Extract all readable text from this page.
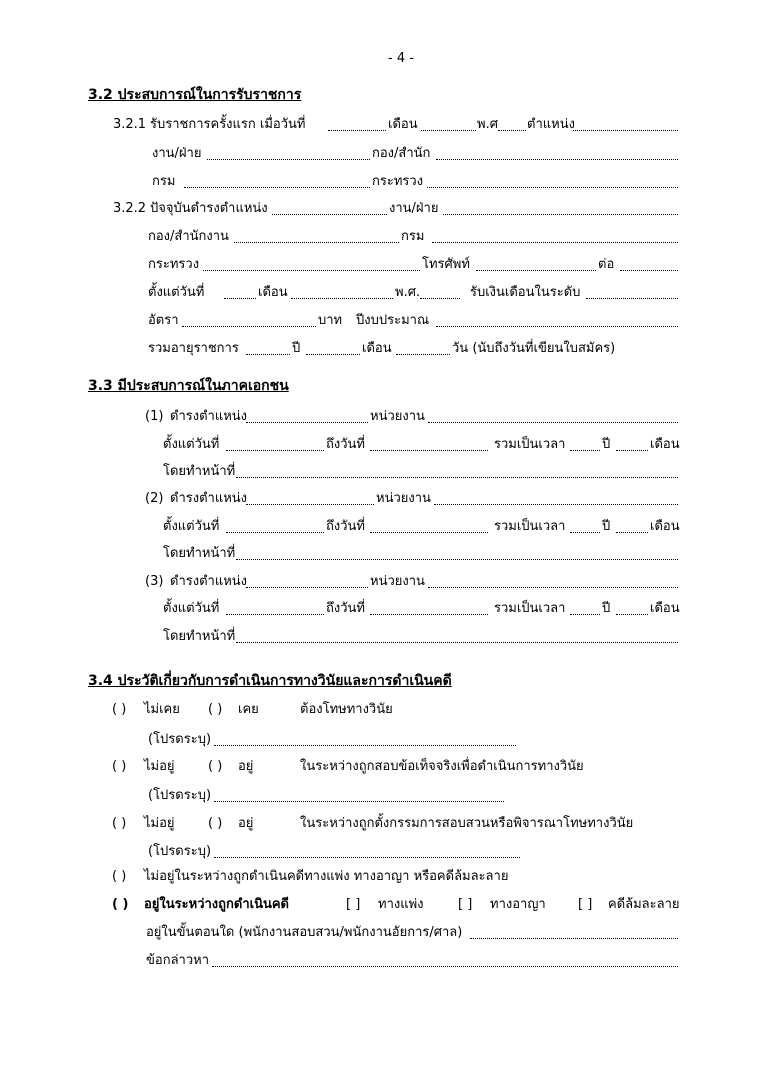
- 4 -
3.2 ประสบการณ์ในการรับราชการ
3.2.1 รับราชการครั้งแรก เมื่อวันที่	เดือน	พ.ศ ตำแหน่ง
งาน/ฝ่าย	กอง/สำนัก
กรม	กระทรวง
3.2.2 ปัจจุบันดำรงตำแหน่ง	งาน/ฝ่าย
กอง/สำนักงาน	กรม
กระทรวง	โทรศัพท์	ต่อ
ตั้งแต่วันที่	เดือน	พ.ศ.	รับเงินเดือนในระดับ
อัตรา	บาท ปีงบประมาณ
รวมอายุราชการ	ปี	เดือน	วัน (นับถึงวันที่เขียนใบสมัคร)
3.3 มีประสบการณ์ในภาคเอกชน
(1) ดำรงตำแหน่ง	หน่วยงาน
ตั้งแต่วันที่	ถึงวันที่	รวมเป็นเวลา	ปี	เดือน
โดยทำหน้าที่
(2) ดำรงตำแหน่ง	หน่วยงาน
ตั้งแต่วันที่	ถึงวันที่	รวมเป็นเวลา	ปี	เดือน
โดยทำหน้าที่
(3) ดำรงตำแหน่ง	หน่วยงาน
ตั้งแต่วันที่	ถึงวันที่	รวมเป็นเวลา	ปี	เดือน
โดยทำหน้าที่
3.4 ประวัติเกี่ยวกับการดำเนินการทางวินัยและการดำเนินคดี
( ) ไม่เคย ( ) เคย	ต้องโทษทางวินัย
(โปรดระบุ)
( ) ไม่อยู่	( ) อยู่	ในระหว่างถูกสอบข้อเท็จจริงเพื่อดำเนินการทางวินัย
(โปรดระบุ)
( ) ไม่อยู่	( ) อยู่	ในระหว่างถูกตั้งกรรมการสอบสวนหรือพิจารณาโทษทางวินัย
(โปรดระบุ)
( ) ไม่อยู่ในระหว่างถูกดำเนินคดีทางแพ่ง ทางอาญา หรือคดีล้มละลาย
( ) อยู่ในระหว่างถูกดำเนินคดี	[ ] ทางแพ่ง	[ ] ทางอาญา [ ] คดีล้มละลาย
อยู่ในขั้นตอนใด (พนักงานสอบสวน/พนักงานอัยการ/ศาล)
ข้อกล่าวหา
